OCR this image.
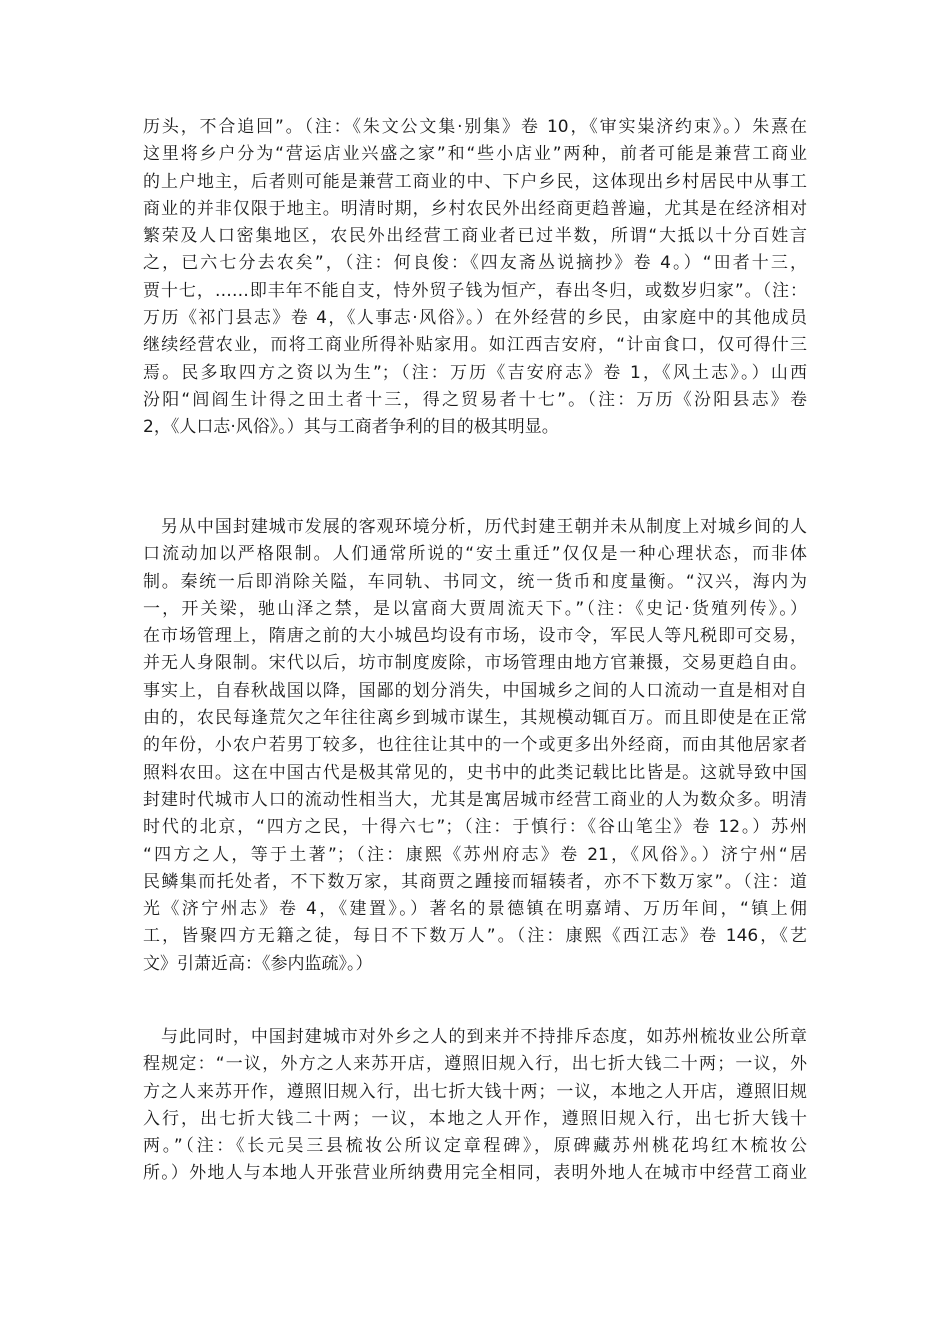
历头，不合追回”。（注：《朱文公文集·别集》卷 10，《审实粜济约束》。）朱熹在
这里将乡户分为“营运店业兴盛之家”和“些小店业”两种，前者可能是兼营工商业
的上户地主，后者则可能是兼营工商业的中、下户乡民，这体现出乡村居民中从事工
商业的并非仅限于地主。明清时期，乡村农民外出经商更趋普遍，尤其是在经济相对
繁荣及人口密集地区，农民外出经营工商业者已过半数，所谓“大抵以十分百姓言
之，已六七分去农矣”，（注：何良俊：《四友斋丛说摘抄》卷 4。）“田者十三，
贾十七，……即丰年不能自支，恃外贸子钱为恒产，春出冬归，或数岁归家”。（注：
万历《祁门县志》卷 4，《人事志·风俗》。）在外经营的乡民，由家庭中的其他成员
继续经营农业，而将工商业所得补贴家用。如江西吉安府，“计亩食口，仅可得什三
焉。民多取四方之资以为生”；（注：万历《吉安府志》卷 1，《风土志》。）山西
汾阳“闾阎生计得之田土者十三，得之贸易者十七”。（注：万历《汾阳县志》卷
2，《人口志·风俗》。）其与工商者争利的目的极其明显。

　另从中国封建城市发展的客观环境分析，历代封建王朝并未从制度上对城乡间的人
口流动加以严格限制。人们通常所说的“安土重迁”仅仅是一种心理状态，而非体
制。秦统一后即消除关隘，车同轨、书同文，统一货币和度量衡。“汉兴，海内为
一，开关梁，驰山泽之禁，是以富商大贾周流天下。”（注：《史记·货殖列传》。）
在市场管理上，隋唐之前的大小城邑均设有市场，设市令，军民人等凡税即可交易，
并无人身限制。宋代以后，坊市制度废除，市场管理由地方官兼摄，交易更趋自由。
事实上，自春秋战国以降，国鄙的划分消失，中国城乡之间的人口流动一直是相对自
由的，农民每逢荒欠之年往往离乡到城市谋生，其规模动辄百万。而且即使是在正常
的年份，小农户若男丁较多，也往往让其中的一个或更多出外经商，而由其他居家者
照料农田。这在中国古代是极其常见的，史书中的此类记载比比皆是。这就导致中国
封建时代城市人口的流动性相当大，尤其是寓居城市经营工商业的人为数众多。明清
时代的北京，“四方之民，十得六七”；（注：于慎行：《谷山笔尘》卷 12。）苏州
“四方之人，等于土著”；（注：康熙《苏州府志》卷 21，《风俗》。）济宁州“居
民鳞集而托处者，不下数万家，其商贾之踵接而辐辏者，亦不下数万家”。（注：道
光《济宁州志》卷 4，《建置》。）著名的景德镇在明嘉靖、万历年间，“镇上佣
工，皆聚四方无籍之徒，每日不下数万人”。（注：康熙《西江志》卷 146，《艺
文》引萧近高：《参内监疏》。）

　与此同时，中国封建城市对外乡之人的到来并不持排斥态度，如苏州梳妆业公所章
程规定：“一议，外方之人来苏开店，遵照旧规入行，出七折大钱二十两；一议，外
方之人来苏开作，遵照旧规入行，出七折大钱十两；一议，本地之人开店，遵照旧规
入行，出七折大钱二十两；一议，本地之人开作，遵照旧规入行，出七折大钱十
两。”（注：《长元吴三县梳妆公所议定章程碑》，原碑藏苏州桃花坞红木梳妆公
所。）外地人与本地人开张营业所纳费用完全相同，表明外地人在城市中经营工商业
